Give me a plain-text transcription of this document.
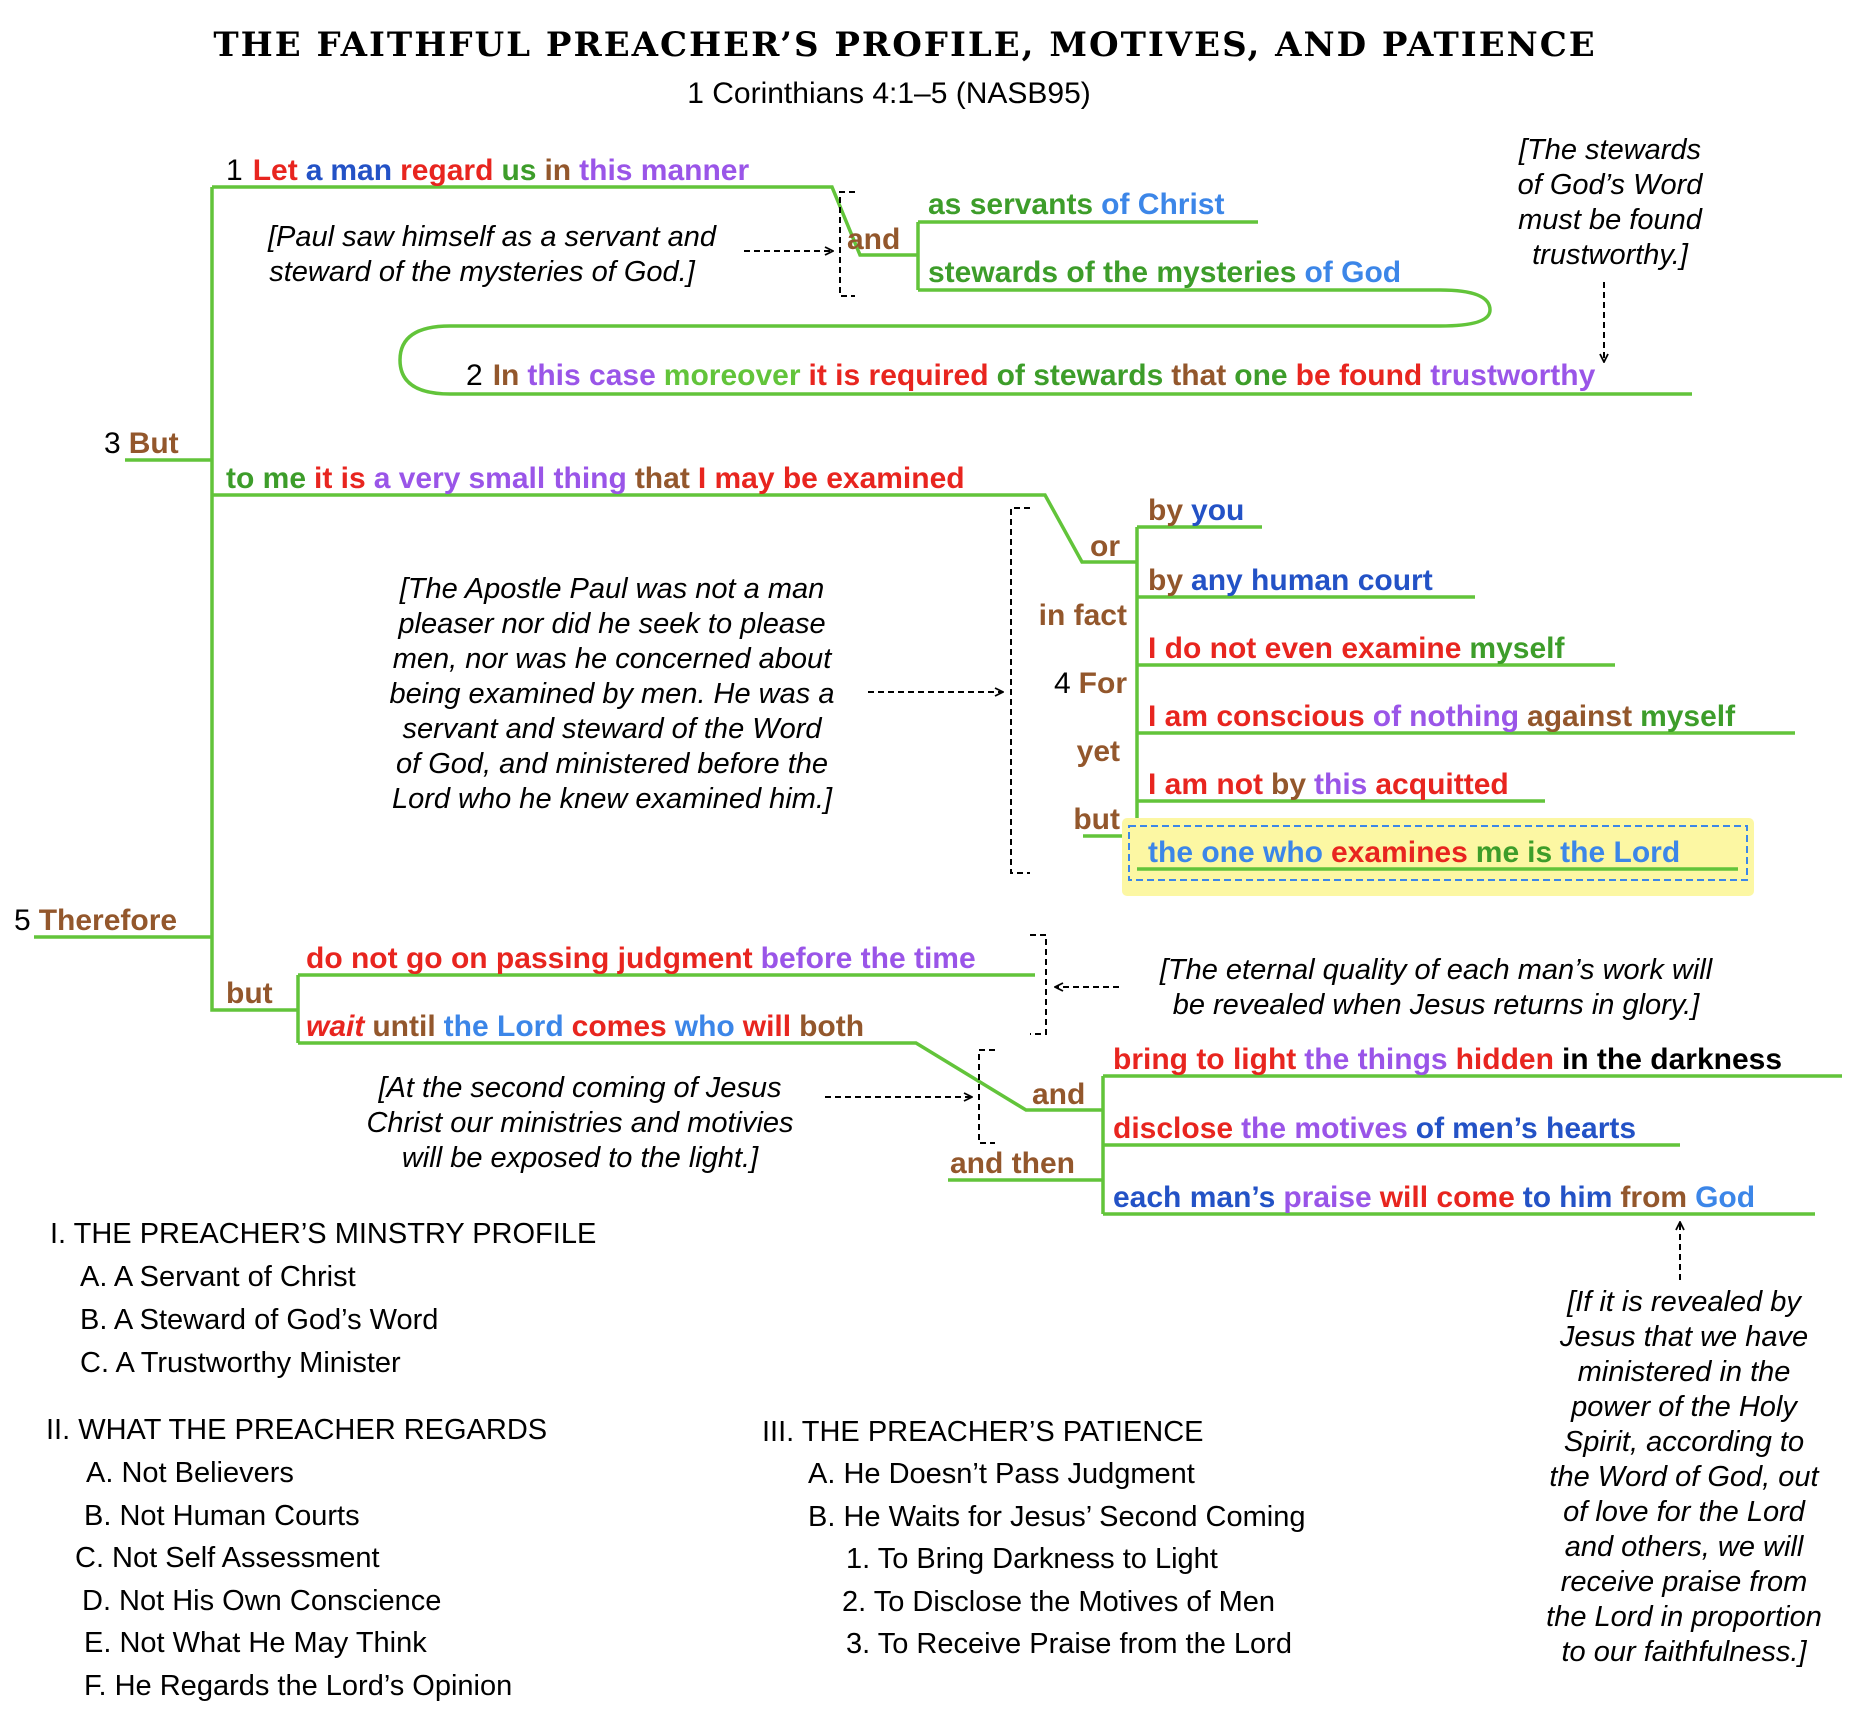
THE FAITHFUL PREACHER’S PROFILE, MOTIVES, AND PATIENCE
1 Corinthians 4:1–5 (NASB95)
1 Let a man regard us in this manner
and
as servants of Christ
stewards of the mysteries of God
2 In this case moreover it is required of stewards that one be found trustworthy
3 But
to me it is a very small thing that I may be examined
or
by you
by any human court
in fact
I do not even examine myself
4 For
I am conscious of nothing against myself
yet
I am not by this acquitted
but
the one who examines me is the Lord
5 Therefore
but
do not go on passing judgment before the time
wait until the Lord comes who will both
and
and then
bring to light the things hidden in the darkness
disclose the motives of men’s hearts
each man’s praise will come to him from God
[Paul saw himself as a servant and
steward of the mysteries of God.]
[The stewards
of God’s Word
must be found
trustworthy.]
[The Apostle Paul was not a man
pleaser nor did he seek to please
men, nor was he concerned about
being examined by men. He was a
servant and steward of the Word
of God, and ministered before the
Lord who he knew examined him.]
[The eternal quality of each man’s work will
be revealed when Jesus returns in glory.]
[At the second coming of Jesus
Christ our ministries and motivies
will be exposed to the light.]
[If it is revealed by
Jesus that we have
ministered in the
power of the Holy
Spirit, according to
the Word of God, out
of love for the Lord
and others, we will
receive praise from
the Lord in proportion
to our faithfulness.]
I. THE PREACHER’S MINSTRY PROFILE
A. A Servant of Christ
B. A Steward of God’s Word
C. A Trustworthy Minister
II. WHAT THE PREACHER REGARDS
A. Not Believers
B. Not Human Courts
C. Not Self Assessment
D. Not His Own Conscience
E. Not What He May Think
F. He Regards the Lord’s Opinion
III. THE PREACHER’S PATIENCE
A. He Doesn’t Pass Judgment
B. He Waits for Jesus’ Second Coming
1. To Bring Darkness to Light
2. To Disclose the Motives of Men
3. To Receive Praise from the Lord
